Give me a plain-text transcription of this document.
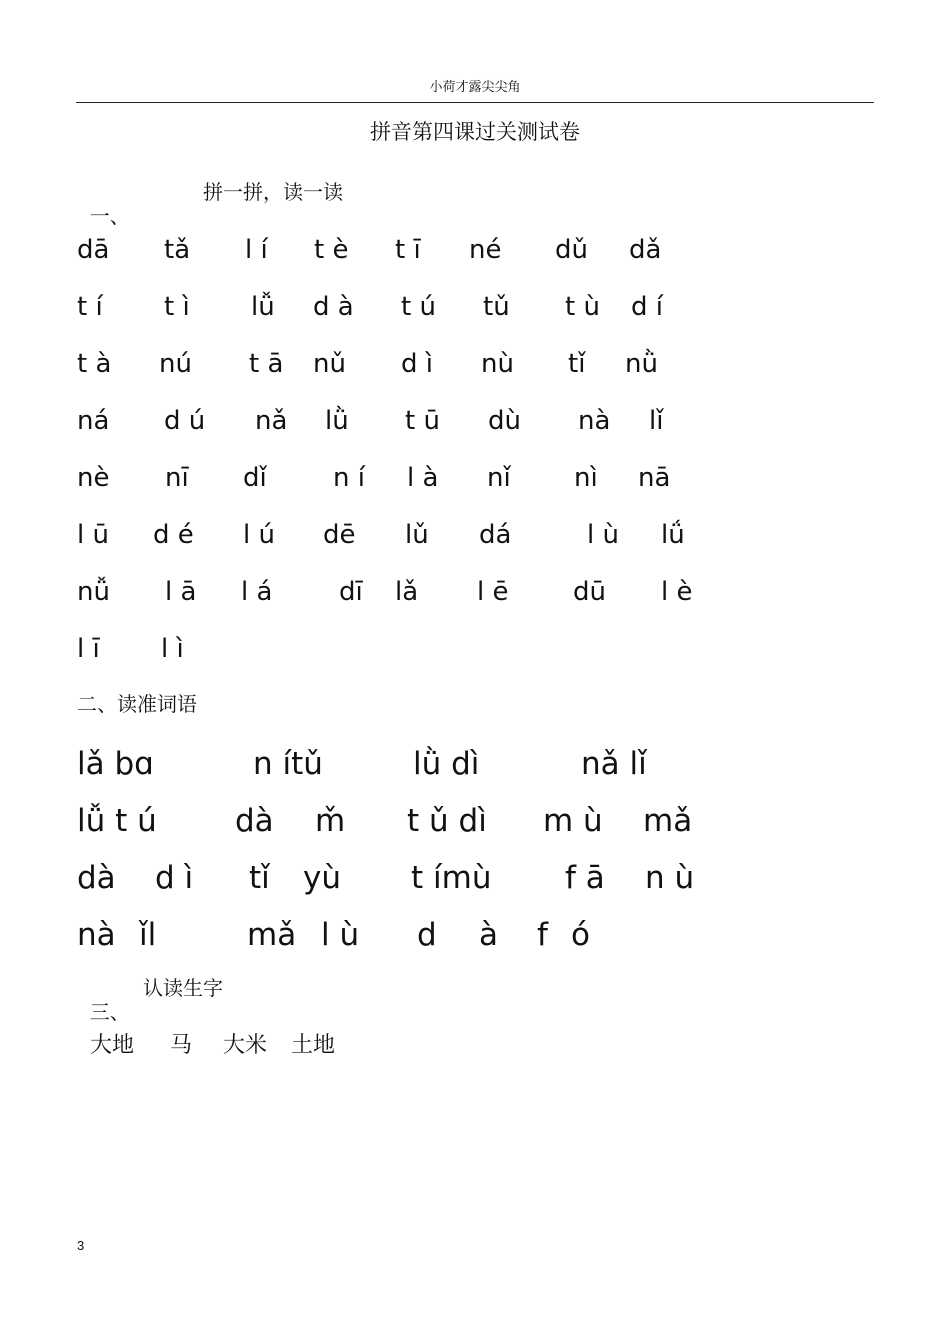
小荷才露尖尖角
拼音第四课过关测试卷

一、

拼一拼，读一读

dā tǎ l í t è t ī né dǔ dǎ
t í t ì lǚ d à t ú tǔ t ù d í
t à nú t ā nǔ d ì nù tǐ nǜ
ná d ú nǎ lǜ t ū dù nà lǐ
nè nī dǐ	n í l à nǐ nì nā
l ū d é l ú dē lǔ dá	l ù lǘ
nǚ l ā l á	dī lǎ l ē dū l è
l ī l ì
二、读准词语
lǎ bɑ	n ítǔ	lǜ dì	nǎ lǐ
lǚ t ú	dà m̌ t ǔ dì m ù mǎ
dà d ì tǐ yù t ímù f ā n ù
nà ǐl	mǎ l ù d à f ó

三、

认读生字

大地 马 大米 土地
3
